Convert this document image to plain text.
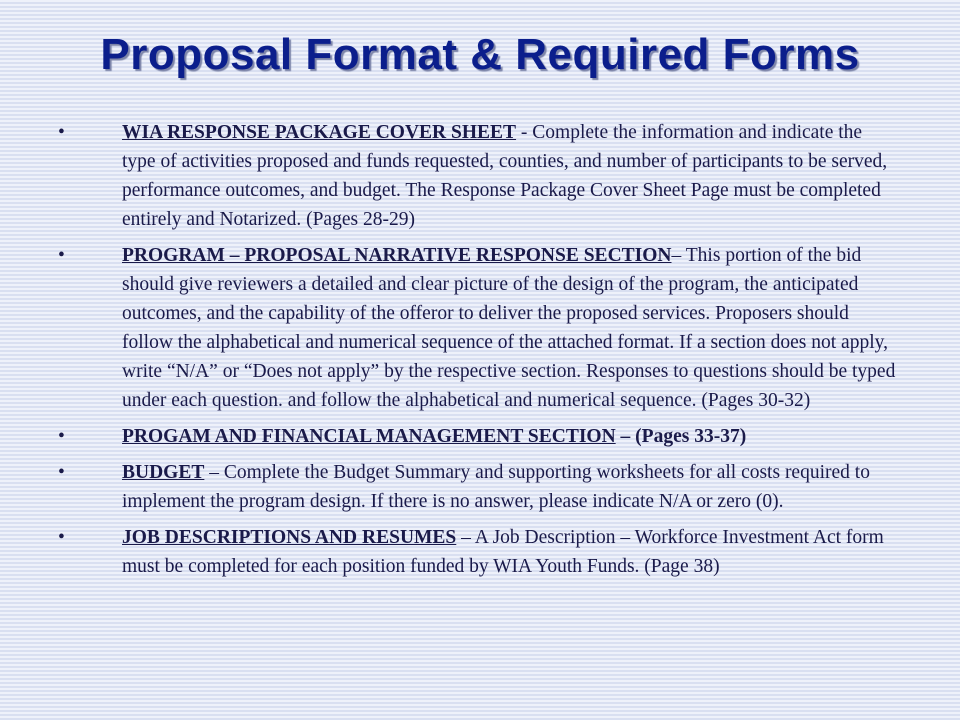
Proposal Format & Required Forms
•	WIA RESPONSE PACKAGE COVER SHEET - Complete the information and indicate the type of activities proposed and funds requested, counties, and number of participants to be served, performance outcomes, and budget. The Response Package Cover Sheet Page must be completed entirely and Notarized. (Pages 28-29)
•	PROGRAM – PROPOSAL NARRATIVE RESPONSE SECTION– This portion of the bid should give reviewers a detailed and clear picture of the design of the program, the anticipated outcomes, and the capability of the offeror to deliver the proposed services. Proposers should follow the alphabetical and numerical sequence of the attached format. If a section does not apply, write “N/A” or “Does not apply” by the respective section. Responses to questions should be typed under each question. and follow the alphabetical and numerical sequence. (Pages 30-32)
•	PROGAM AND FINANCIAL MANAGEMENT SECTION – (Pages 33-37)
•	BUDGET – Complete the Budget Summary and supporting worksheets for all costs required to implement the program design. If there is no answer, please indicate N/A or zero (0).
•	JOB DESCRIPTIONS AND RESUMES – A Job Description – Workforce Investment Act form must be completed for each position funded by WIA Youth Funds. (Page 38)
